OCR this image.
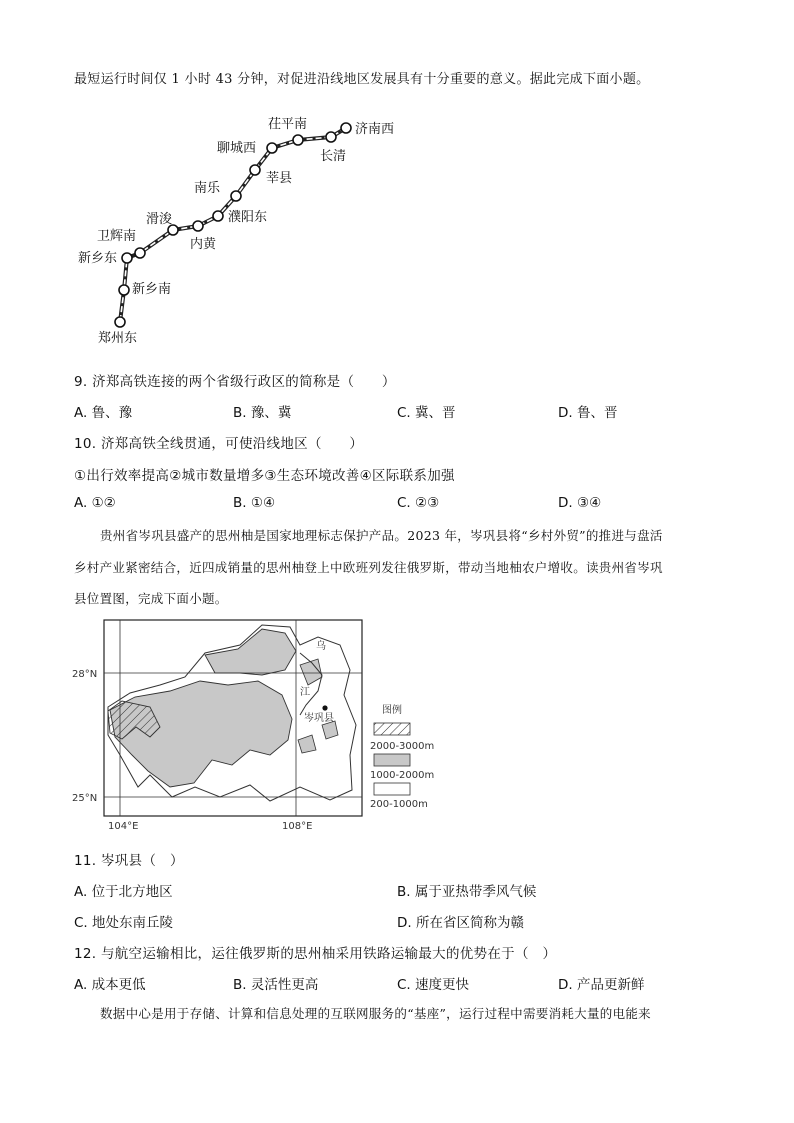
最短运行时间仅 1 小时 43 分钟，对促进沿线地区发展具有十分重要的意义。据此完成下面小题。
济南西
茌平南
长清
聊城西
莘县
南乐
濮阳东
内黄
滑浚
卫辉南
新乡东
新乡南
郑州东
9. 济郑高铁连接的两个省级行政区的简称是（　　）
A. 鲁、豫	B. 豫、冀	C. 冀、晋	D. 鲁、晋
10. 济郑高铁全线贯通，可使沿线地区（　　）
①出行效率提高②城市数量增多③生态环境改善④区际联系加强
A. ①②	B. ①④	C. ②③	D. ③④
贵州省岑巩县盛产的思州柚是国家地理标志保护产品。2023 年，岑巩县将“乡村外贸”的推进与盘活
乡村产业紧密结合，近四成销量的思州柚登上中欧班列发往俄罗斯，带动当地柚农户增收。读贵州省岑巩
县位置图，完成下面小题。
乌
江
岑巩县
28°N
25°N
104°E	108°E
图例
2000-3000m
1000-2000m
200-1000m
11. 岑巩县（　）
A. 位于北方地区	B. 属于亚热带季风气候
C. 地处东南丘陵	D. 所在省区简称为赣
12. 与航空运输相比，运往俄罗斯的思州柚采用铁路运输最大的优势在于（　）
A. 成本更低	B. 灵活性更高	C. 速度更快	D. 产品更新鲜
数据中心是用于存储、计算和信息处理的互联网服务的“基座”，运行过程中需要消耗大量的电能来
